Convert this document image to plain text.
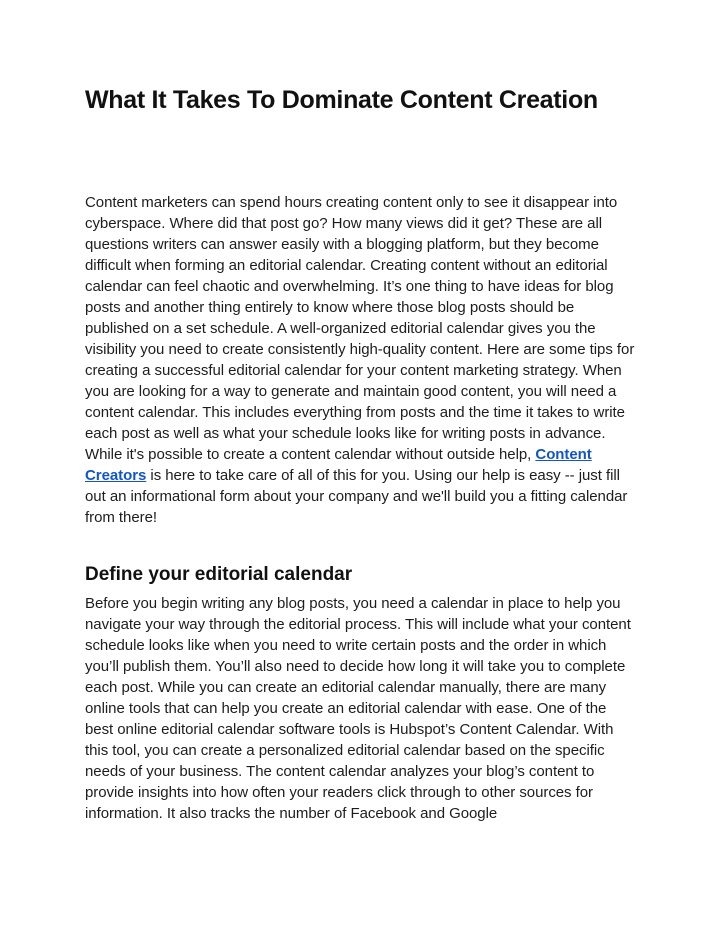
What It Takes To Dominate Content Creation

Content marketers can spend hours creating content only to see it disappear into cyberspace. Where did that post go? How many views did it get? These are all questions writers can answer easily with a blogging platform, but they become difficult when forming an editorial calendar. Creating content without an editorial calendar can feel chaotic and overwhelming. It’s one thing to have ideas for blog posts and another thing entirely to know where those blog posts should be published on a set schedule. A well-organized editorial calendar gives you the visibility you need to create consistently high-quality content. Here are some tips for creating a successful editorial calendar for your content marketing strategy. When you are looking for a way to generate and maintain good content, you will need a content calendar. This includes everything from posts and the time it takes to write each post as well as what your schedule looks like for writing posts in advance. While it's possible to create a content calendar without outside help, Content Creators is here to take care of all of this for you. Using our help is easy -- just fill out an informational form about your company and we'll build you a fitting calendar from there!

Define your editorial calendar

Before you begin writing any blog posts, you need a calendar in place to help you navigate your way through the editorial process. This will include what your content schedule looks like when you need to write certain posts and the order in which you’ll publish them. You’ll also need to decide how long it will take you to complete each post. While you can create an editorial calendar manually, there are many online tools that can help you create an editorial calendar with ease. One of the best online editorial calendar software tools is Hubspot’s Content Calendar. With this tool, you can create a personalized editorial calendar based on the specific needs of your business. The content calendar analyzes your blog’s content to provide insights into how often your readers click through to other sources for information. It also tracks the number of Facebook and Google
